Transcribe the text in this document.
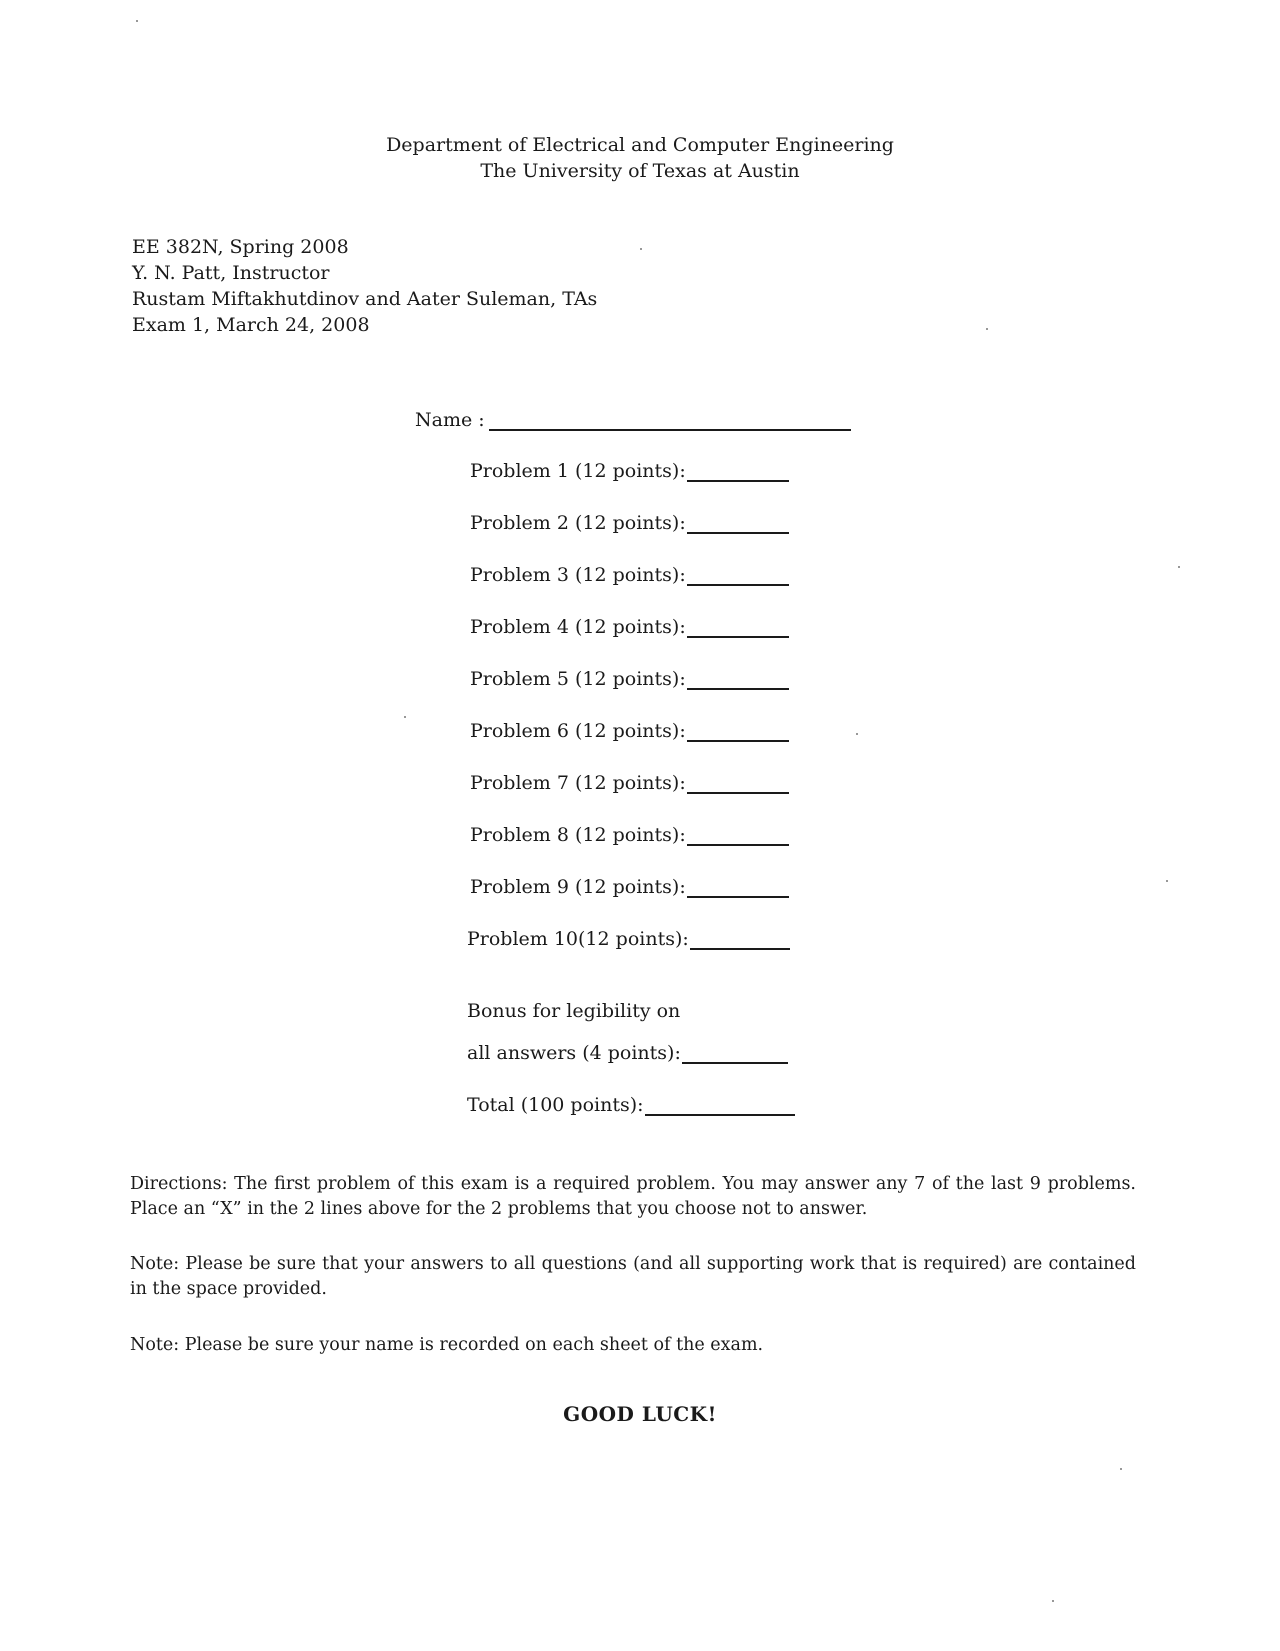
Department of Electrical and Computer Engineering
The University of Texas at Austin
EE 382N, Spring 2008
Y. N. Patt, Instructor
Rustam Miftakhutdinov and Aater Suleman, TAs
Exam 1, March 24, 2008
Name :
Problem 1 (12 points):
Problem 2 (12 points):
Problem 3 (12 points):
Problem 4 (12 points):
Problem 5 (12 points):
Problem 6 (12 points):
Problem 7 (12 points):
Problem 8 (12 points):
Problem 9 (12 points):
Problem 10(12 points):
Bonus for legibility on
all answers (4 points):
Total (100 points):
Directions: The first problem of this exam is a required problem. You may answer any 7 of the last 9 problems. Place an “X” in the 2 lines above for the 2 problems that you choose not to answer.
Note: Please be sure that your answers to all questions (and all supporting work that is required) are contained in the space provided.
Note: Please be sure your name is recorded on each sheet of the exam.
GOOD LUCK!
